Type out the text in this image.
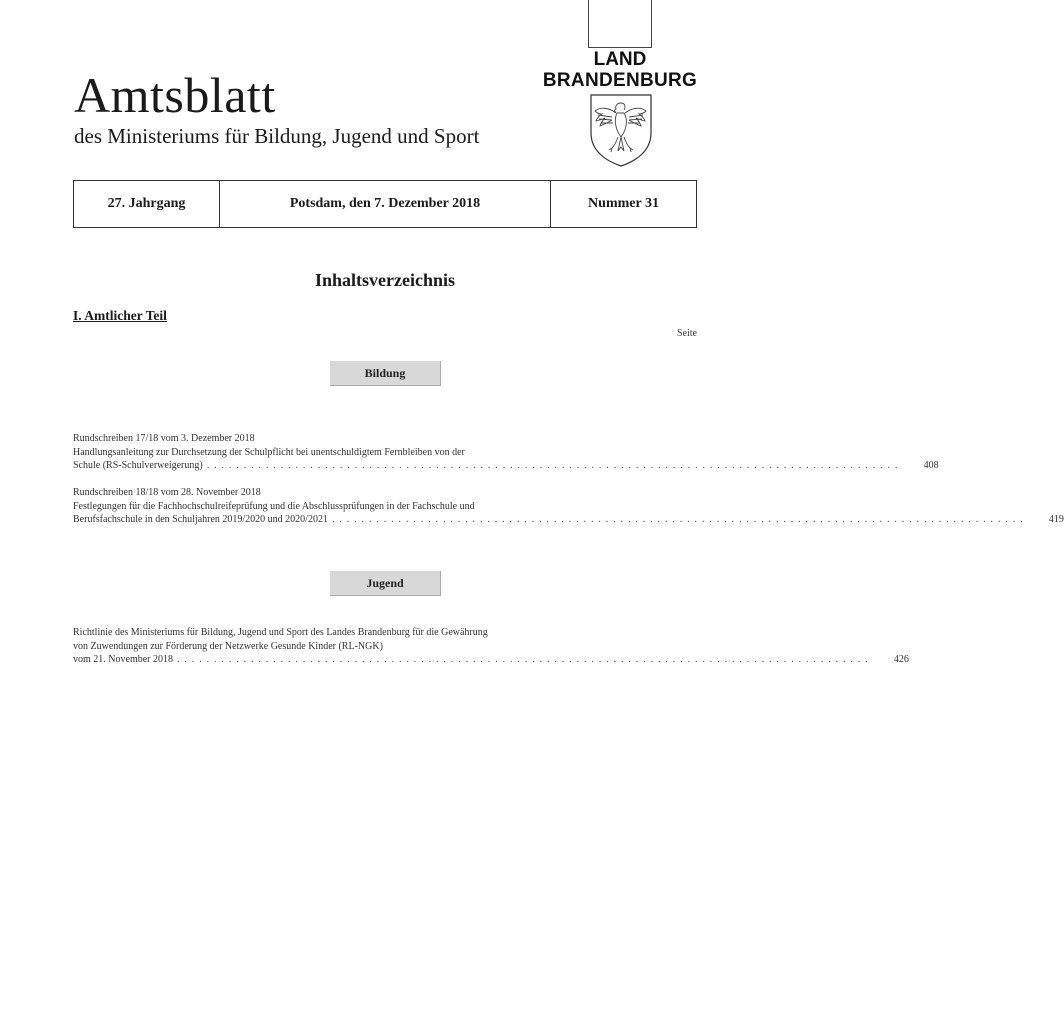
Amtsblatt
des Ministeriums für Bildung, Jugend und Sport
LAND
BRANDENBURG
27. Jahrgang	Potsdam, den 7. Dezember 2018	Nummer 31
Inhaltsverzeichnis
I. Amtlicher Teil
Seite
Bildung
Rundschreiben 17/18 vom 3. Dezember 2018
Handlungsanleitung zur Durchsetzung der Schulpflicht bei unentschuldigtem Fernbleiben von der
Schule (RS-Schulverweigerung) . . . . . . . . . . . . . . . . . . . . . . . . . . . . . . . . . . . . . . . . . . . . . . . . . . . . . . . . . . . . . . . . . . . . . . . . . . . . . . . . . . . . . . . . . . . . . .	408
Rundschreiben 18/18 vom 28. November 2018
Festlegungen für die Fachhochschulreifeprüfung und die Abschlussprüfungen in der Fachschule und
Berufsfachschule in den Schuljahren 2019/2020 und 2020/2021 . . . . . . . . . . . . . . . . . . . . . . . . . . . . . . . . . . . . . . . . . . . . . . . . . . . . . . . . . . . . . . . . . . . . . . . . . . . . . . . . . . . . . . . . . . . . . .	419
Jugend
Richtlinie des Ministeriums für Bildung, Jugend und Sport des Landes Brandenburg für die Gewährung
von Zuwendungen zur Förderung der Netzwerke Gesunde Kinder (RL-NGK)
vom 21. November 2018 . . . . . . . . . . . . . . . . . . . . . . . . . . . . . . . . . . . . . . . . . . . . . . . . . . . . . . . . . . . . . . . . . . . . . . . . . . . . . . . . . . . . . . . . . . . . . .	426
